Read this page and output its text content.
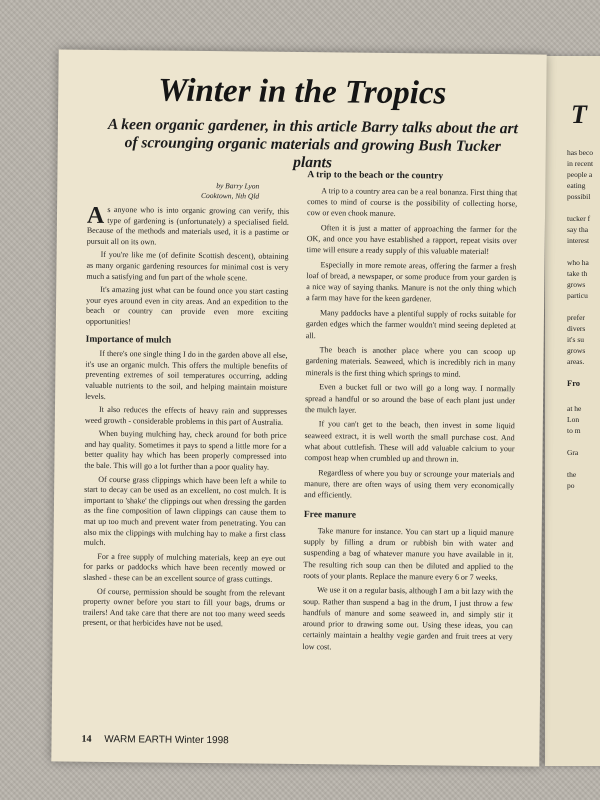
T
has beco
in recent
people a
eating
possibil
tucker f
say tha
interest
who ha
take th
grows
particu
prefer
divers
it's su
grows
areas.
Fro
at he
Lon
to m
Gra
the
po
Winter in the Tropics
A keen organic gardener, in this article Barry talks about the art of scrounging organic materials and growing Bush Tucker plants
by Barry Lyon
Cooktown, Nth Qld

As anyone who is into organic growing can verify, this type of gardening is (unfortunately) a specialised field. Because of the methods and materials used, it is a pastime or pursuit all on its own.

If you're like me (of definite Scottish descent), obtaining as many organic gardening resources for minimal cost is very much a satisfying and fun part of the whole scene.

It's amazing just what can be found once you start casting your eyes around even in city areas. And an expedition to the beach or country can provide even more exciting opportunities!

Importance of mulch

If there's one single thing I do in the garden above all else, it's use an organic mulch. This offers the multiple benefits of preventing extremes of soil temperatures occurring, adding valuable nutrients to the soil, and helping maintain moisture levels.

It also reduces the effects of heavy rain and suppresses weed growth - considerable problems in this part of Australia.

When buying mulching hay, check around for both price and hay quality. Sometimes it pays to spend a little more for a better quality hay which has been properly compressed into the bale. This will go a lot further than a poor quality hay.

Of course grass clippings which have been left a while to start to decay can be used as an excellent, no cost mulch. It is important to 'shake' the clippings out when dressing the garden as the fine composition of lawn clippings can cause them to mat up too much and prevent water from penetrating. You can also mix the clippings with mulching hay to make a first class mulch.

For a free supply of mulching materials, keep an eye out for parks or paddocks which have been recently mowed or slashed - these can be an excellent source of grass cuttings.

Of course, permission should be sought from the relevant property owner before you start to fill your bags, drums or trailers! And take care that there are not too many weed seeds present, or that herbicides have not be used.

A trip to the beach or the country

A trip to a country area can be a real bonanza. First thing that comes to mind of course is the possibility of collecting horse, cow or even chook manure.

Often it is just a matter of approaching the farmer for the OK, and once you have established a rapport, repeat visits over time will ensure a ready supply of this valuable material!

Especially in more remote areas, offering the farmer a fresh loaf of bread, a newspaper, or some produce from your garden is a nice way of saying thanks. Manure is not the only thing which a farm may have for the keen gardener.

Many paddocks have a plentiful supply of rocks suitable for garden edges which the farmer wouldn't mind seeing depleted at all.

The beach is another place where you can scoop up gardening materials. Seaweed, which is incredibly rich in many minerals is the first thing which springs to mind.

Even a bucket full or two will go a long way. I normally spread a handful or so around the base of each plant just under the mulch layer.

If you can't get to the beach, then invest in some liquid seaweed extract, it is well worth the small purchase cost. And what about cuttlefish. These will add valuable calcium to your compost heap when crumbled up and thrown in.

Regardless of where you buy or scrounge your materials and manure, there are often ways of using them very economically and efficiently.

Free manure

Take manure for instance. You can start up a liquid manure supply by filling a drum or rubbish bin with water and suspending a bag of whatever manure you have available in it. The resulting rich soup can then be diluted and applied to the roots of your plants. Replace the manure every 6 or 7 weeks.

We use it on a regular basis, although I am a bit lazy with the soup. Rather than suspend a bag in the drum, I just throw a few handfuls of manure and some seaweed in, and simply stir it around prior to drawing some out. Using these ideas, you can certainly maintain a healthy vegie garden and fruit trees at very low cost.

14 WARM EARTH Winter 1998
